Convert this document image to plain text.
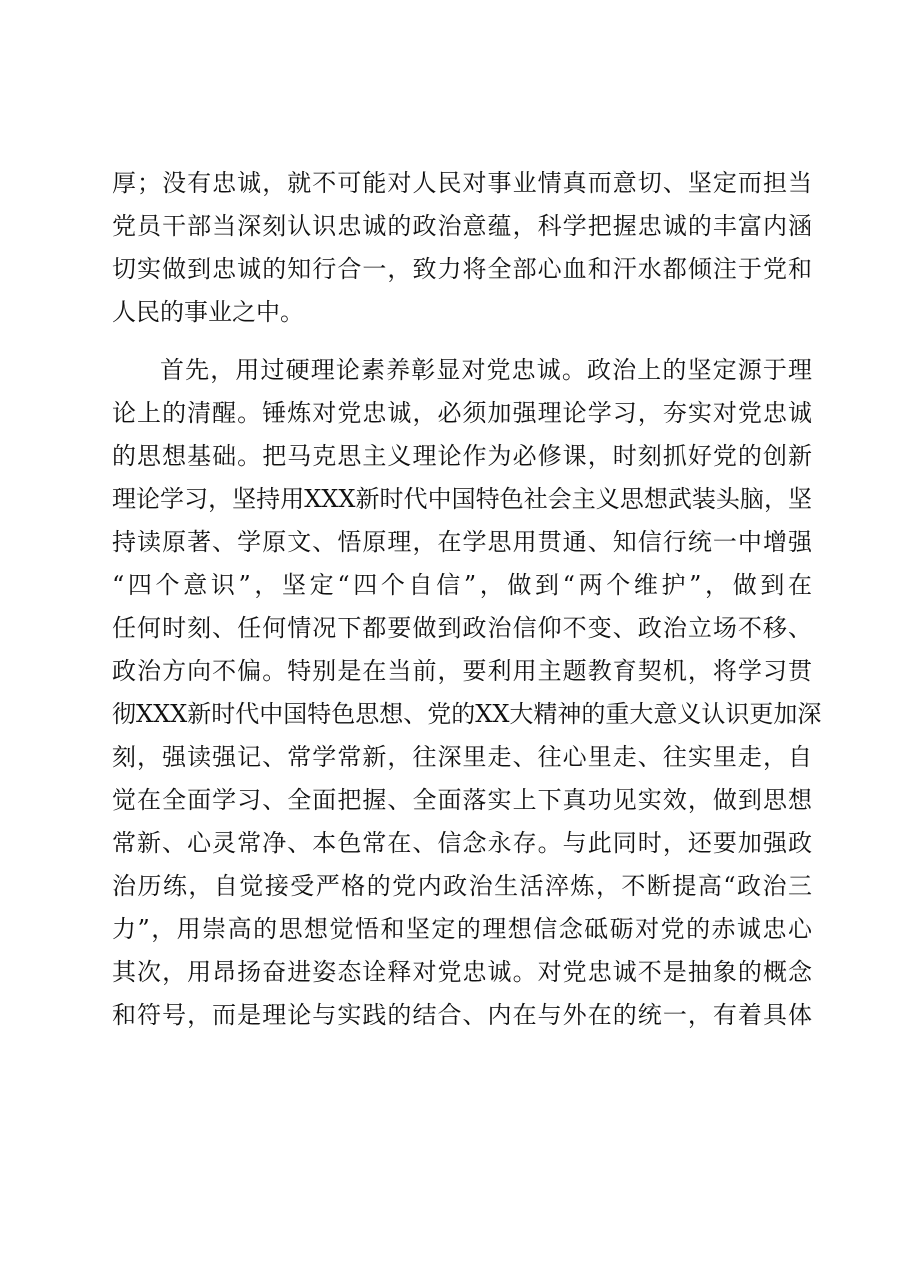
厚；没有忠诚，就不可能对人民对事业情真而意切、坚定而担当
党员干部当深刻认识忠诚的政治意蕴，科学把握忠诚的丰富内涵
切实做到忠诚的知行合一，致力将全部心血和汗水都倾注于党和
人民的事业之中。
首先，用过硬理论素养彰显对党忠诚。政治上的坚定源于理
论上的清醒。锤炼对党忠诚，必须加强理论学习，夯实对党忠诚
的思想基础。把马克思主义理论作为必修课，时刻抓好党的创新
理论学习，坚持用XXX新时代中国特色社会主义思想武装头脑，坚
持读原著、学原文、悟原理，在学思用贯通、知信行统一中增强
“四个意识”，坚定“四个自信”，做到“两个维护”，做到在
任何时刻、任何情况下都要做到政治信仰不变、政治立场不移、
政治方向不偏。特别是在当前，要利用主题教育契机，将学习贯
彻XXX新时代中国特色思想、党的XX大精神的重大意义认识更加深
刻，强读强记、常学常新，往深里走、往心里走、往实里走，自
觉在全面学习、全面把握、全面落实上下真功见实效，做到思想
常新、心灵常净、本色常在、信念永存。与此同时，还要加强政
治历练，自觉接受严格的党内政治生活淬炼，不断提高“政治三
力”，用崇高的思想觉悟和坚定的理想信念砥砺对党的赤诚忠心
其次，用昂扬奋进姿态诠释对党忠诚。对党忠诚不是抽象的概念
和符号，而是理论与实践的结合、内在与外在的统一，有着具体
